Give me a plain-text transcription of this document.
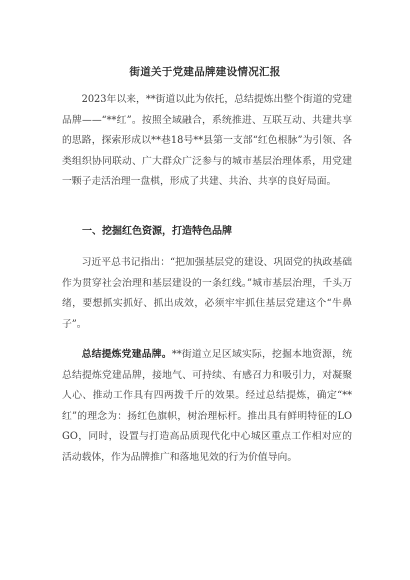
街道关于党建品牌建设情况汇报

2023年以来，**街道以此为依托，总结提炼出整个街道的党建品牌——“**红”。按照全域融合，系统推进、互联互动、共建共享的思路，探索形成以**巷18号**县第一支部“红色根脉”为引领、各类组织协同联动、广大群众广泛参与的城市基层治理体系，用党建一颗子走活治理一盘棋，形成了共建、共治、共享的良好局面。

一、挖掘红色资源，打造特色品牌

习近平总书记指出：“把加强基层党的建设、巩固党的执政基础作为贯穿社会治理和基层建设的一条红线。”城市基层治理，千头万绪，要想抓实抓好、抓出成效，必须牢牢抓住基层党建这个“牛鼻子”。

总结提炼党建品牌。**街道立足区域实际，挖掘本地资源，统总结提炼党建品牌，接地气、可持续、有感召力和吸引力，对凝聚人心、推动工作具有四两拨千斤的效果。经过总结提炼，确定“**红”的理念为：扬红色旗帜，树治理标杆。推出具有鲜明特征的LOGO，同时，设置与打造高品质现代化中心城区重点工作相对应的活动载体，作为品牌推广和落地见效的行为价值导向。
